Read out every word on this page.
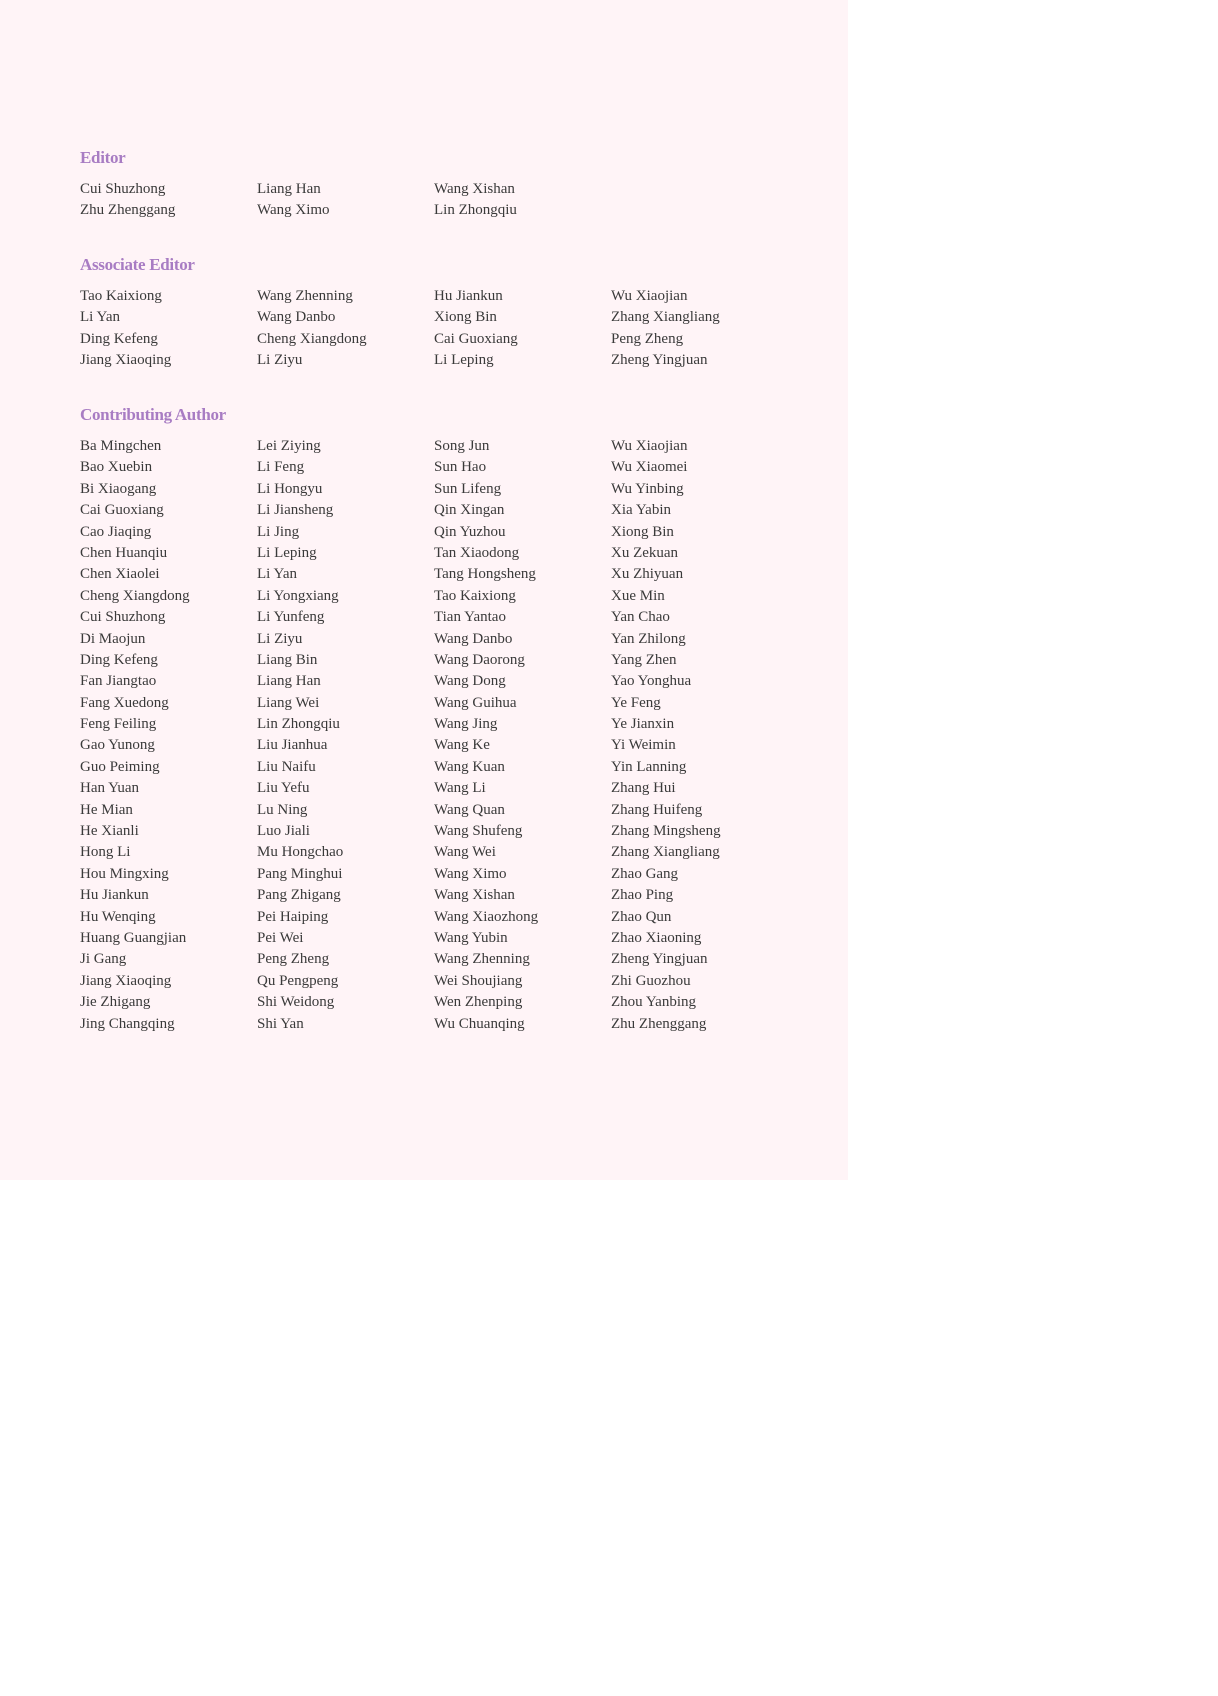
Editor
Cui Shuzhong	Liang Han	Wang Xishan
Zhu Zhenggang	Wang Ximo	Lin Zhongqiu
Associate Editor
Tao Kaixiong	Wang Zhenning	Hu Jiankun	Wu Xiaojian
Li Yan	Wang Danbo	Xiong Bin	Zhang Xiangliang
Ding Kefeng	Cheng Xiangdong	Cai Guoxiang	Peng Zheng
Jiang Xiaoqing	Li Ziyu	Li Leping	Zheng Yingjuan
Contributing Author
Ba Mingchen	Lei Ziying	Song Jun	Wu Xiaojian
Bao Xuebin	Li Feng	Sun Hao	Wu Xiaomei
Bi Xiaogang	Li Hongyu	Sun Lifeng	Wu Yinbing
Cai Guoxiang	Li Jiansheng	Qin Xingan	Xia Yabin
Cao Jiaqing	Li Jing	Qin Yuzhou	Xiong Bin
Chen Huanqiu	Li Leping	Tan Xiaodong	Xu Zekuan
Chen Xiaolei	Li Yan	Tang Hongsheng	Xu Zhiyuan
Cheng Xiangdong	Li Yongxiang	Tao Kaixiong	Xue Min
Cui Shuzhong	Li Yunfeng	Tian Yantao	Yan Chao
Di Maojun	Li Ziyu	Wang Danbo	Yan Zhilong
Ding Kefeng	Liang Bin	Wang Daorong	Yang Zhen
Fan Jiangtao	Liang Han	Wang Dong	Yao Yonghua
Fang Xuedong	Liang Wei	Wang Guihua	Ye Feng
Feng Feiling	Lin Zhongqiu	Wang Jing	Ye Jianxin
Gao Yunong	Liu Jianhua	Wang Ke	Yi Weimin
Guo Peiming	Liu Naifu	Wang Kuan	Yin Lanning
Han Yuan	Liu Yefu	Wang Li	Zhang Hui
He Mian	Lu Ning	Wang Quan	Zhang Huifeng
He Xianli	Luo Jiali	Wang Shufeng	Zhang Mingsheng
Hong Li	Mu Hongchao	Wang Wei	Zhang Xiangliang
Hou Mingxing	Pang Minghui	Wang Ximo	Zhao Gang
Hu Jiankun	Pang Zhigang	Wang Xishan	Zhao Ping
Hu Wenqing	Pei Haiping	Wang Xiaozhong	Zhao Qun
Huang Guangjian	Pei Wei	Wang Yubin	Zhao Xiaoning
Ji Gang	Peng Zheng	Wang Zhenning	Zheng Yingjuan
Jiang Xiaoqing	Qu Pengpeng	Wei Shoujiang	Zhi Guozhou
Jie Zhigang	Shi Weidong	Wen Zhenping	Zhou Yanbing
Jing Changqing	Shi Yan	Wu Chuanqing	Zhu Zhenggang
